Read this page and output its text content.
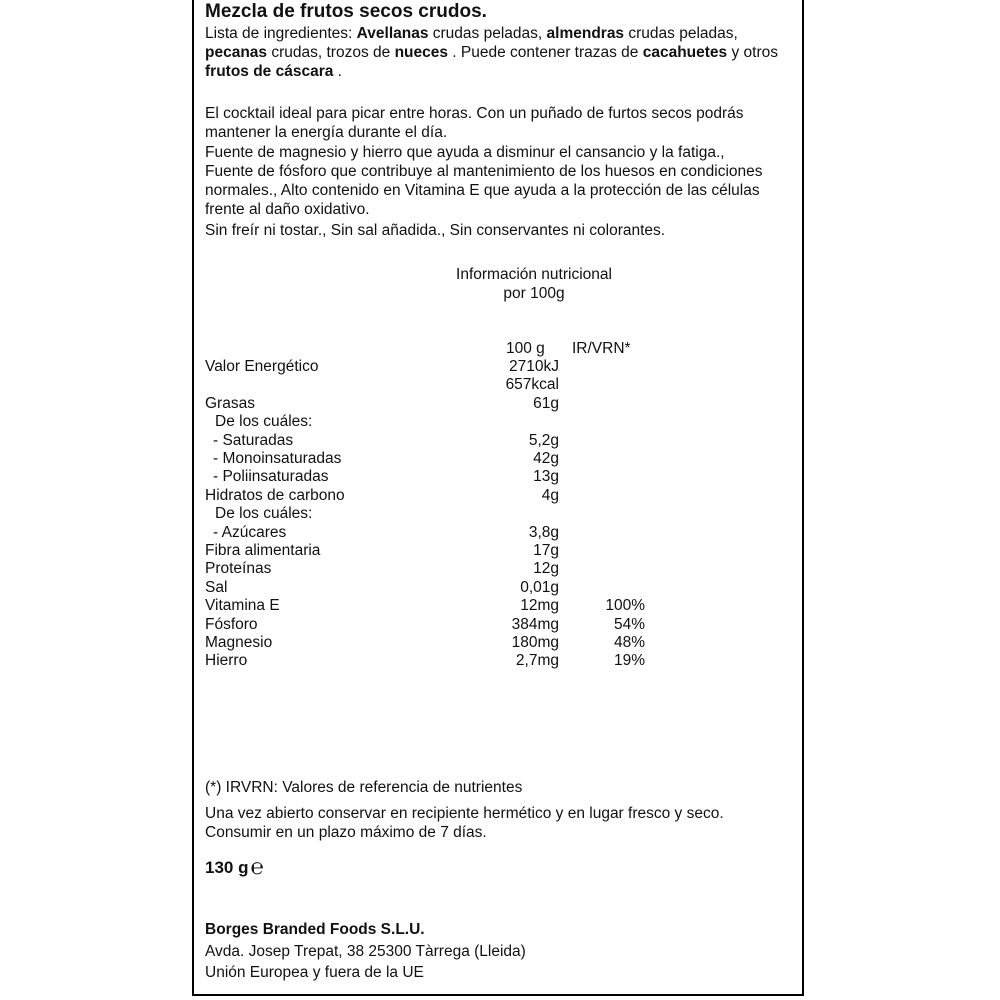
Mezcla de frutos secos crudos.
Lista de ingredientes: Avellanas crudas peladas, almendras crudas peladas, pecanas crudas, trozos de nueces . Puede contener trazas de cacahuetes y otros frutos de cáscara .
El cocktail ideal para picar entre horas. Con un puñado de furtos secos podrás mantener la energía durante el día.
Fuente de magnesio y hierro que ayuda a disminur el cansancio y la fatiga.,
Fuente de fósforo que contribuye al mantenimiento de los huesos en condiciones normales., Alto contenido en Vitamina E que ayuda a la protección de las células frente al daño oxidativo.
Sin freír ni tostar., Sin sal añadida., Sin conservantes ni colorantes.
Información nutricional
por 100g
100 g IR/VRN*
Valor Energético	2710kJ
657kcal
Grasas	61g
De los cuáles:
- Saturadas	5,2g
- Monoinsaturadas	42g
- Poliinsaturadas	13g
Hidratos de carbono	4g
De los cuáles:
- Azúcares	3,8g
Fibra alimentaria	17g
Proteínas	12g
Sal	0,01g
Vitamina E	12mg	100%
Fósforo	384mg	54%
Magnesio	180mg	48%
Hierro	2,7mg	19%
(*) IRVRN: Valores de referencia de nutrientes
Una vez abierto conservar en recipiente hermético y en lugar fresco y seco.
Consumir en un plazo máximo de 7 días.
130 g℮
Borges Branded Foods S.L.U.
Avda. Josep Trepat, 38 25300 Tàrrega (Lleida)
Unión Europea y fuera de la UE
